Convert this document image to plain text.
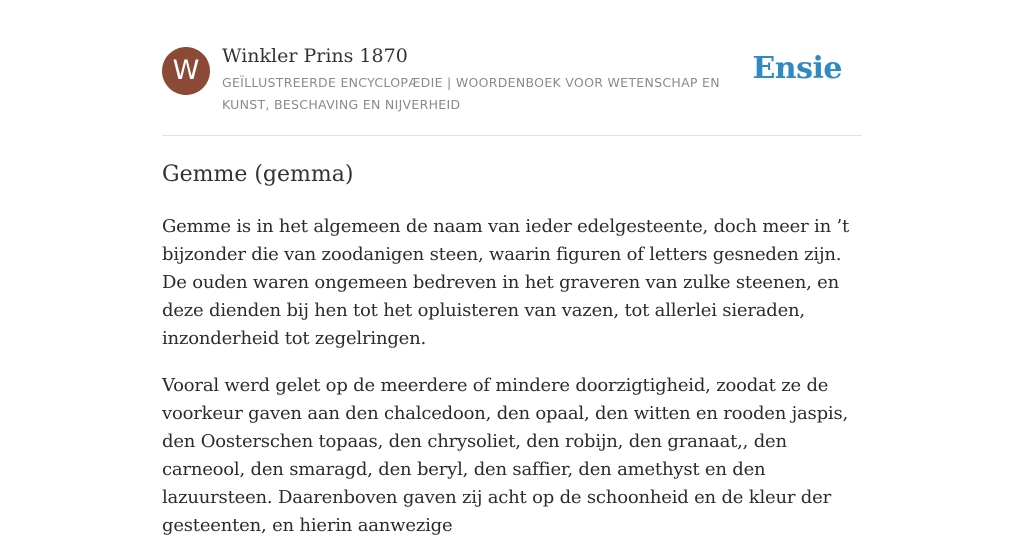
W	Winkler Prins 1870
GEÏLLUSTREERDE ENCYCLOPÆDIE | WOORDENBOEK VOOR WETENSCHAP EN KUNST, BESCHAVING EN NIJVERHEID
Ensie
Gemme (gemma)

Gemme is in het algemeen de naam van ieder edelgesteente, doch meer in ’t bijzonder die van zoodanigen steen, waarin figuren of letters gesneden zijn. De ouden waren ongemeen bedreven in het graveren van zulke steenen, en deze dienden bij hen tot het opluisteren van vazen, tot allerlei sieraden, inzonderheid tot zegelringen.

Vooral werd gelet op de meerdere of mindere doorzigtigheid, zoodat ze de voorkeur gaven aan den chalcedoon, den opaal, den witten en rooden jaspis, den Oosterschen topaas, den chrysoliet, den robijn, den granaat,, den carneool, den smaragd, den beryl, den saffier, den amethyst en den lazuursteen. Daarenboven gaven zij acht op de schoonheid en de kleur der gesteenten, en hierin aanwezige
